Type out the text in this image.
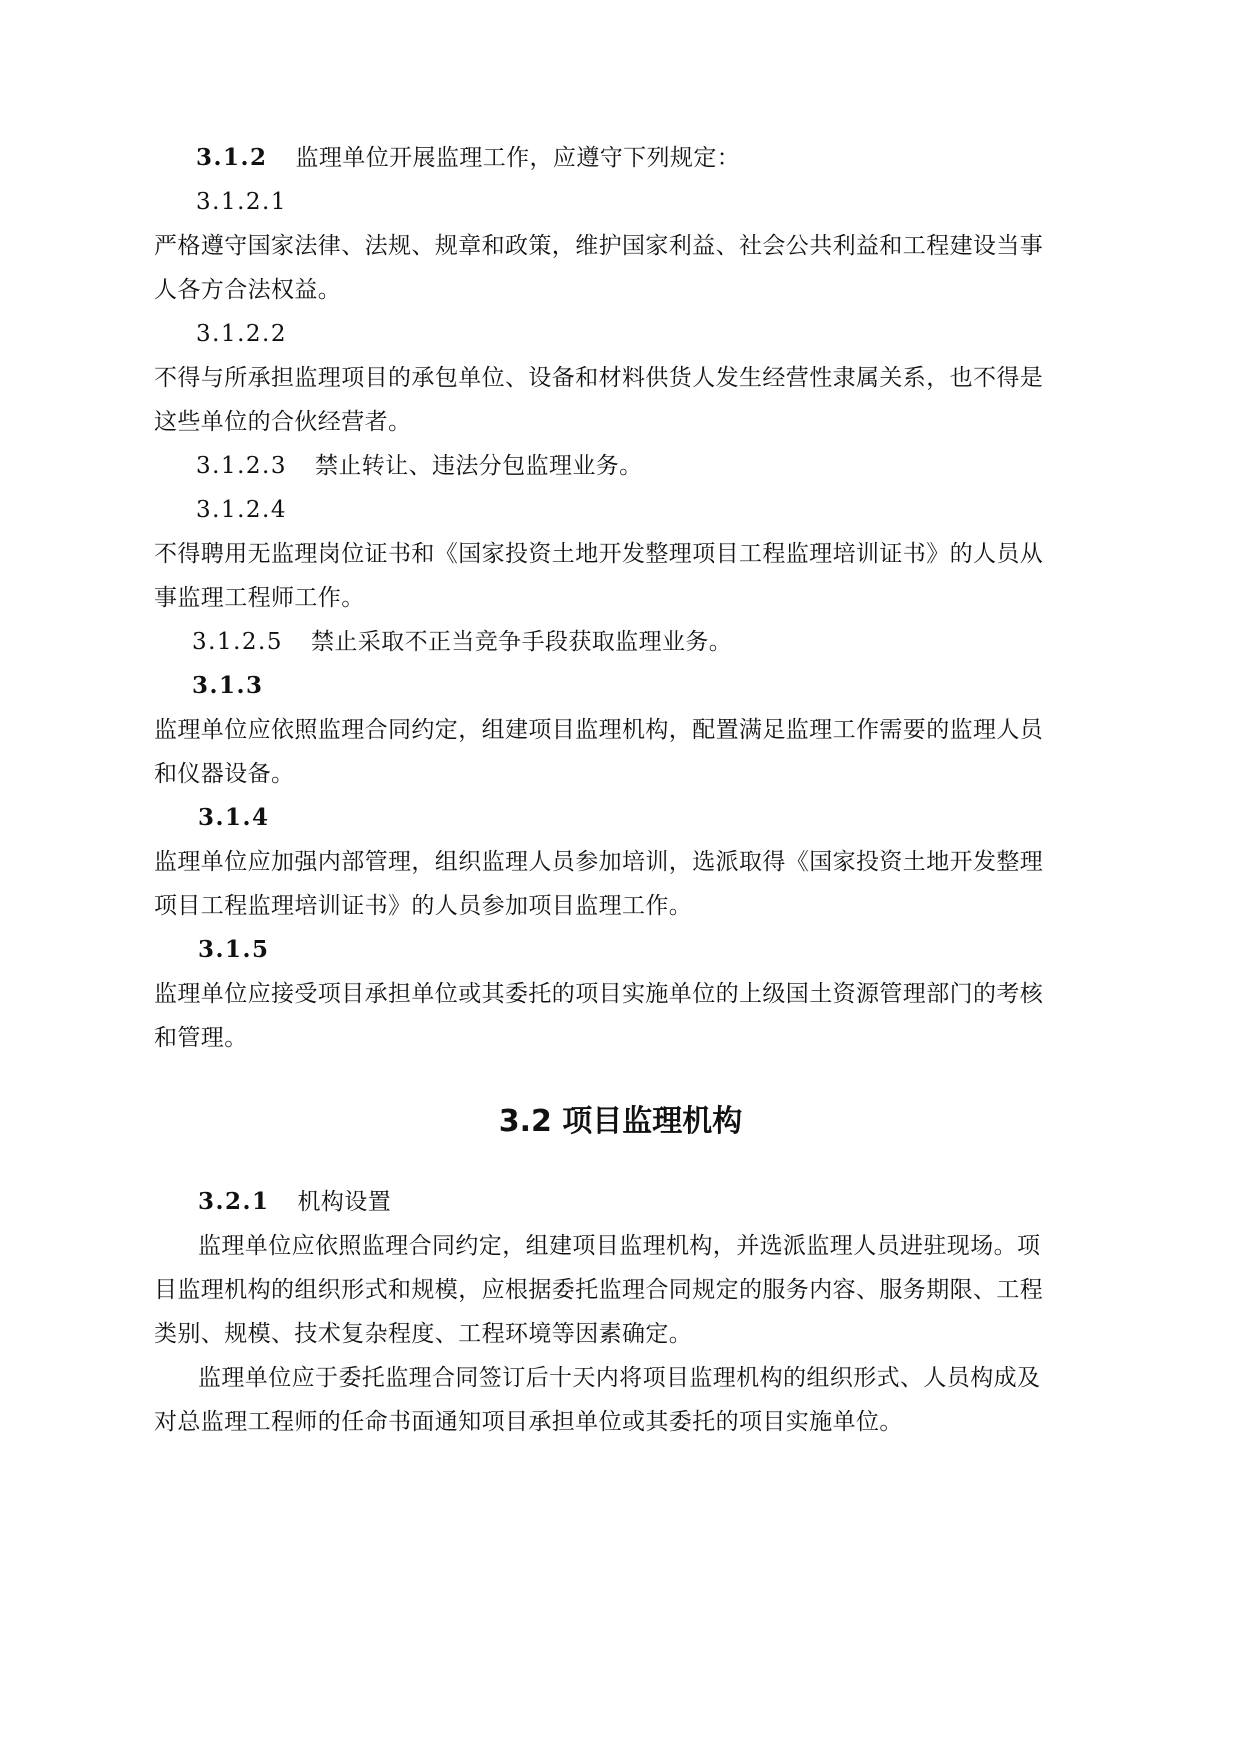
3.1.2 监理单位开展监理工作，应遵守下列规定：
3.1.2.1
严格遵守国家法律、法规、规章和政策，维护国家利益、社会公共利益和工程建设当事
人各方合法权益。
3.1.2.2
不得与所承担监理项目的承包单位、设备和材料供货人发生经营性隶属关系，也不得是
这些单位的合伙经营者。
3.1.2.3 禁止转让、违法分包监理业务。
3.1.2.4
不得聘用无监理岗位证书和《国家投资土地开发整理项目工程监理培训证书》的人员从
事监理工程师工作。
3.1.2.5 禁止采取不正当竞争手段获取监理业务。
3.1.3
监理单位应依照监理合同约定，组建项目监理机构，配置满足监理工作需要的监理人员
和仪器设备。
3.1.4
监理单位应加强内部管理，组织监理人员参加培训，选派取得《国家投资土地开发整理
项目工程监理培训证书》的人员参加项目监理工作。
3.1.5
监理单位应接受项目承担单位或其委托的项目实施单位的上级国土资源管理部门的考核
和管理。
3.2 项目监理机构
3.2.1 机构设置
监理单位应依照监理合同约定，组建项目监理机构，并选派监理人员进驻现场。项
目监理机构的组织形式和规模，应根据委托监理合同规定的服务内容、服务期限、工程
类别、规模、技术复杂程度、工程环境等因素确定。
监理单位应于委托监理合同签订后十天内将项目监理机构的组织形式、人员构成及
对总监理工程师的任命书面通知项目承担单位或其委托的项目实施单位。
